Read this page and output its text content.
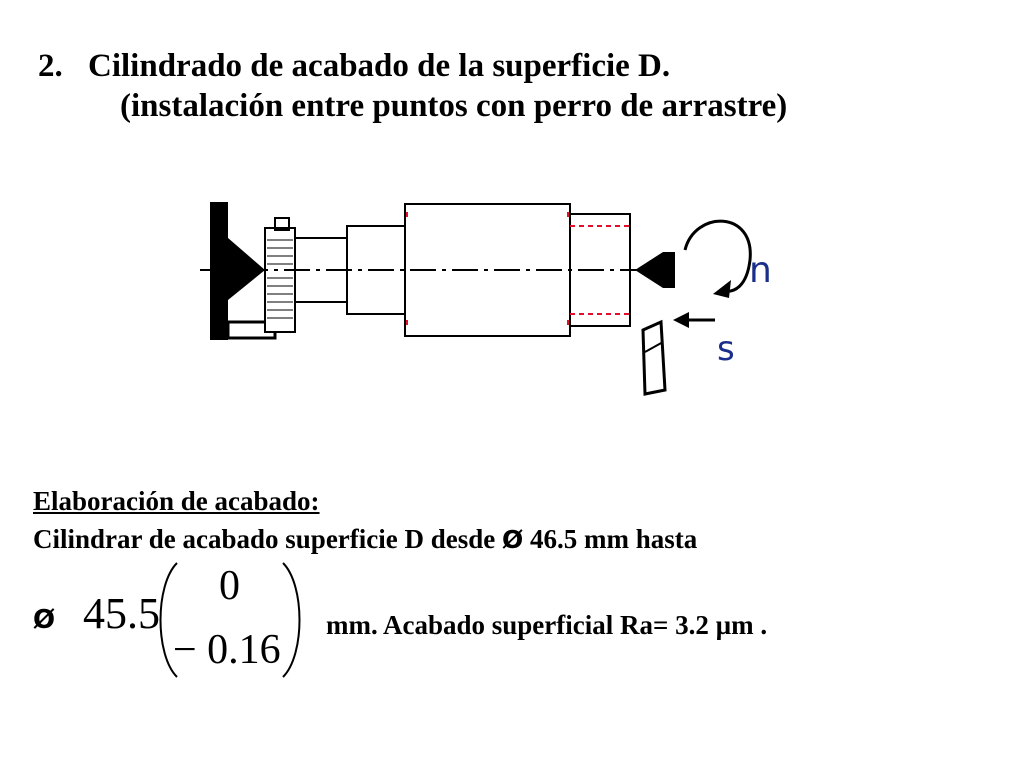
2. Cilindrado de acabado de la superficie D.
(instalación entre puntos con perro de arrastre)
n
s
Elaboración de acabado:
Cilindrar de acabado superficie D desde Ø 46.5 mm hasta
Ø 45.5
0
− 0.16
mm. Acabado superficial Ra= 3.2 µm .
